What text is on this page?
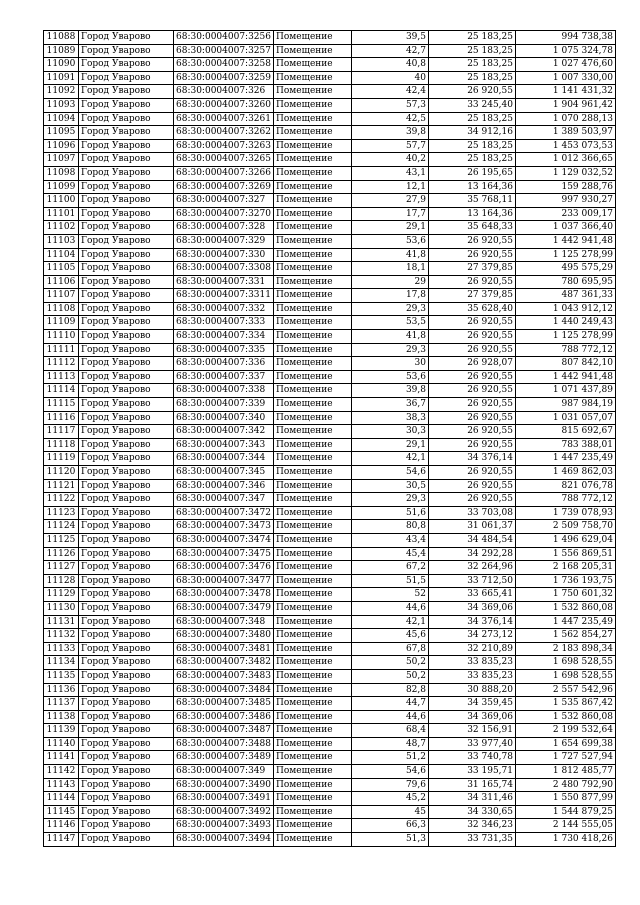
11088	Город Уварово	68:30:0004007:3256	Помещение	39,5	25 183,25	994 738,38
11089	Город Уварово	68:30:0004007:3257	Помещение	42,7	25 183,25	1 075 324,78
11090	Город Уварово	68:30:0004007:3258	Помещение	40,8	25 183,25	1 027 476,60
11091	Город Уварово	68:30:0004007:3259	Помещение	40	25 183,25	1 007 330,00
11092	Город Уварово	68:30:0004007:326	Помещение	42,4	26 920,55	1 141 431,32
11093	Город Уварово	68:30:0004007:3260	Помещение	57,3	33 245,40	1 904 961,42
11094	Город Уварово	68:30:0004007:3261	Помещение	42,5	25 183,25	1 070 288,13
11095	Город Уварово	68:30:0004007:3262	Помещение	39,8	34 912,16	1 389 503,97
11096	Город Уварово	68:30:0004007:3263	Помещение	57,7	25 183,25	1 453 073,53
11097	Город Уварово	68:30:0004007:3265	Помещение	40,2	25 183,25	1 012 366,65
11098	Город Уварово	68:30:0004007:3266	Помещение	43,1	26 195,65	1 129 032,52
11099	Город Уварово	68:30:0004007:3269	Помещение	12,1	13 164,36	159 288,76
11100	Город Уварово	68:30:0004007:327	Помещение	27,9	35 768,11	997 930,27
11101	Город Уварово	68:30:0004007:3270	Помещение	17,7	13 164,36	233 009,17
11102	Город Уварово	68:30:0004007:328	Помещение	29,1	35 648,33	1 037 366,40
11103	Город Уварово	68:30:0004007:329	Помещение	53,6	26 920,55	1 442 941,48
11104	Город Уварово	68:30:0004007:330	Помещение	41,8	26 920,55	1 125 278,99
11105	Город Уварово	68:30:0004007:3308	Помещение	18,1	27 379,85	495 575,29
11106	Город Уварово	68:30:0004007:331	Помещение	29	26 920,55	780 695,95
11107	Город Уварово	68:30:0004007:3311	Помещение	17,8	27 379,85	487 361,33
11108	Город Уварово	68:30:0004007:332	Помещение	29,3	35 628,40	1 043 912,12
11109	Город Уварово	68:30:0004007:333	Помещение	53,5	26 920,55	1 440 249,43
11110	Город Уварово	68:30:0004007:334	Помещение	41,8	26 920,55	1 125 278,99
11111	Город Уварово	68:30:0004007:335	Помещение	29,3	26 920,55	788 772,12
11112	Город Уварово	68:30:0004007:336	Помещение	30	26 928,07	807 842,10
11113	Город Уварово	68:30:0004007:337	Помещение	53,6	26 920,55	1 442 941,48
11114	Город Уварово	68:30:0004007:338	Помещение	39,8	26 920,55	1 071 437,89
11115	Город Уварово	68:30:0004007:339	Помещение	36,7	26 920,55	987 984,19
11116	Город Уварово	68:30:0004007:340	Помещение	38,3	26 920,55	1 031 057,07
11117	Город Уварово	68:30:0004007:342	Помещение	30,3	26 920,55	815 692,67
11118	Город Уварово	68:30:0004007:343	Помещение	29,1	26 920,55	783 388,01
11119	Город Уварово	68:30:0004007:344	Помещение	42,1	34 376,14	1 447 235,49
11120	Город Уварово	68:30:0004007:345	Помещение	54,6	26 920,55	1 469 862,03
11121	Город Уварово	68:30:0004007:346	Помещение	30,5	26 920,55	821 076,78
11122	Город Уварово	68:30:0004007:347	Помещение	29,3	26 920,55	788 772,12
11123	Город Уварово	68:30:0004007:3472	Помещение	51,6	33 703,08	1 739 078,93
11124	Город Уварово	68:30:0004007:3473	Помещение	80,8	31 061,37	2 509 758,70
11125	Город Уварово	68:30:0004007:3474	Помещение	43,4	34 484,54	1 496 629,04
11126	Город Уварово	68:30:0004007:3475	Помещение	45,4	34 292,28	1 556 869,51
11127	Город Уварово	68:30:0004007:3476	Помещение	67,2	32 264,96	2 168 205,31
11128	Город Уварово	68:30:0004007:3477	Помещение	51,5	33 712,50	1 736 193,75
11129	Город Уварово	68:30:0004007:3478	Помещение	52	33 665,41	1 750 601,32
11130	Город Уварово	68:30:0004007:3479	Помещение	44,6	34 369,06	1 532 860,08
11131	Город Уварово	68:30:0004007:348	Помещение	42,1	34 376,14	1 447 235,49
11132	Город Уварово	68:30:0004007:3480	Помещение	45,6	34 273,12	1 562 854,27
11133	Город Уварово	68:30:0004007:3481	Помещение	67,8	32 210,89	2 183 898,34
11134	Город Уварово	68:30:0004007:3482	Помещение	50,2	33 835,23	1 698 528,55
11135	Город Уварово	68:30:0004007:3483	Помещение	50,2	33 835,23	1 698 528,55
11136	Город Уварово	68:30:0004007:3484	Помещение	82,8	30 888,20	2 557 542,96
11137	Город Уварово	68:30:0004007:3485	Помещение	44,7	34 359,45	1 535 867,42
11138	Город Уварово	68:30:0004007:3486	Помещение	44,6	34 369,06	1 532 860,08
11139	Город Уварово	68:30:0004007:3487	Помещение	68,4	32 156,91	2 199 532,64
11140	Город Уварово	68:30:0004007:3488	Помещение	48,7	33 977,40	1 654 699,38
11141	Город Уварово	68:30:0004007:3489	Помещение	51,2	33 740,78	1 727 527,94
11142	Город Уварово	68:30:0004007:349	Помещение	54,6	33 195,71	1 812 485,77
11143	Город Уварово	68:30:0004007:3490	Помещение	79,6	31 165,74	2 480 792,90
11144	Город Уварово	68:30:0004007:3491	Помещение	45,2	34 311,46	1 550 877,99
11145	Город Уварово	68:30:0004007:3492	Помещение	45	34 330,65	1 544 879,25
11146	Город Уварово	68:30:0004007:3493	Помещение	66,3	32 346,23	2 144 555,05
11147	Город Уварово	68:30:0004007:3494	Помещение	51,3	33 731,35	1 730 418,26
